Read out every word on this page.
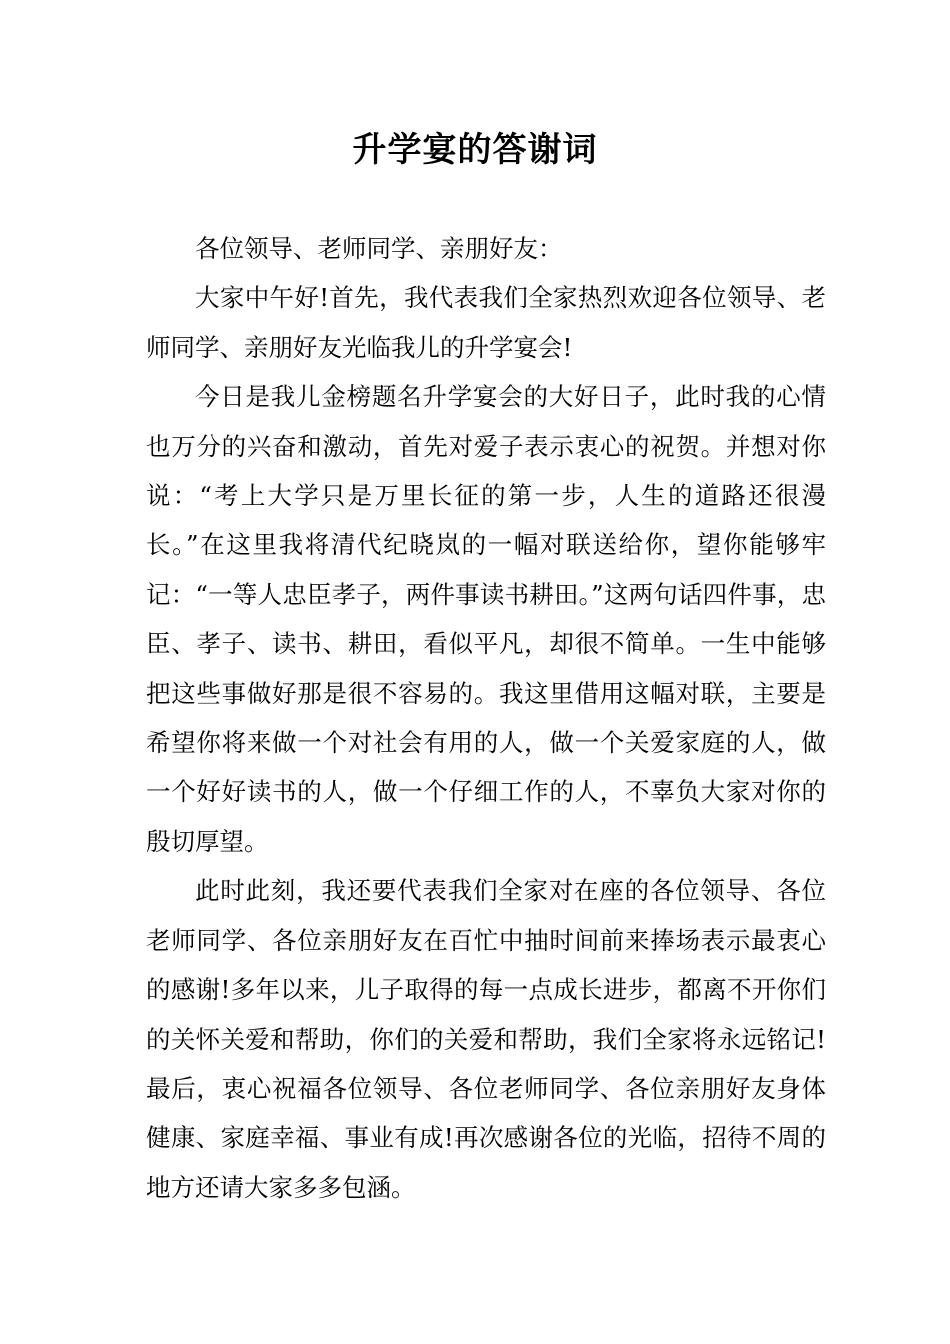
升学宴的答谢词

各位领导、老师同学、亲朋好友：

大家中午好!首先，我代表我们全家热烈欢迎各位领导、老师同学、亲朋好友光临我儿的升学宴会!

今日是我儿金榜题名升学宴会的大好日子，此时我的心情也万分的兴奋和激动，首先对爱子表示衷心的祝贺。并想对你说：“考上大学只是万里长征的第一步，人生的道路还很漫长。”在这里我将清代纪晓岚的一幅对联送给你，望你能够牢记：“一等人忠臣孝子，两件事读书耕田。”这两句话四件事，忠臣、孝子、读书、耕田，看似平凡，却很不简单。一生中能够把这些事做好那是很不容易的。我这里借用这幅对联，主要是希望你将来做一个对社会有用的人，做一个关爱家庭的人，做一个好好读书的人，做一个仔细工作的人，不辜负大家对你的殷切厚望。

此时此刻，我还要代表我们全家对在座的各位领导、各位老师同学、各位亲朋好友在百忙中抽时间前来捧场表示最衷心的感谢!多年以来，儿子取得的每一点成长进步，都离不开你们的关怀关爱和帮助，你们的关爱和帮助，我们全家将永远铭记!最后，衷心祝福各位领导、各位老师同学、各位亲朋好友身体健康、家庭幸福、事业有成!再次感谢各位的光临，招待不周的地方还请大家多多包涵。
